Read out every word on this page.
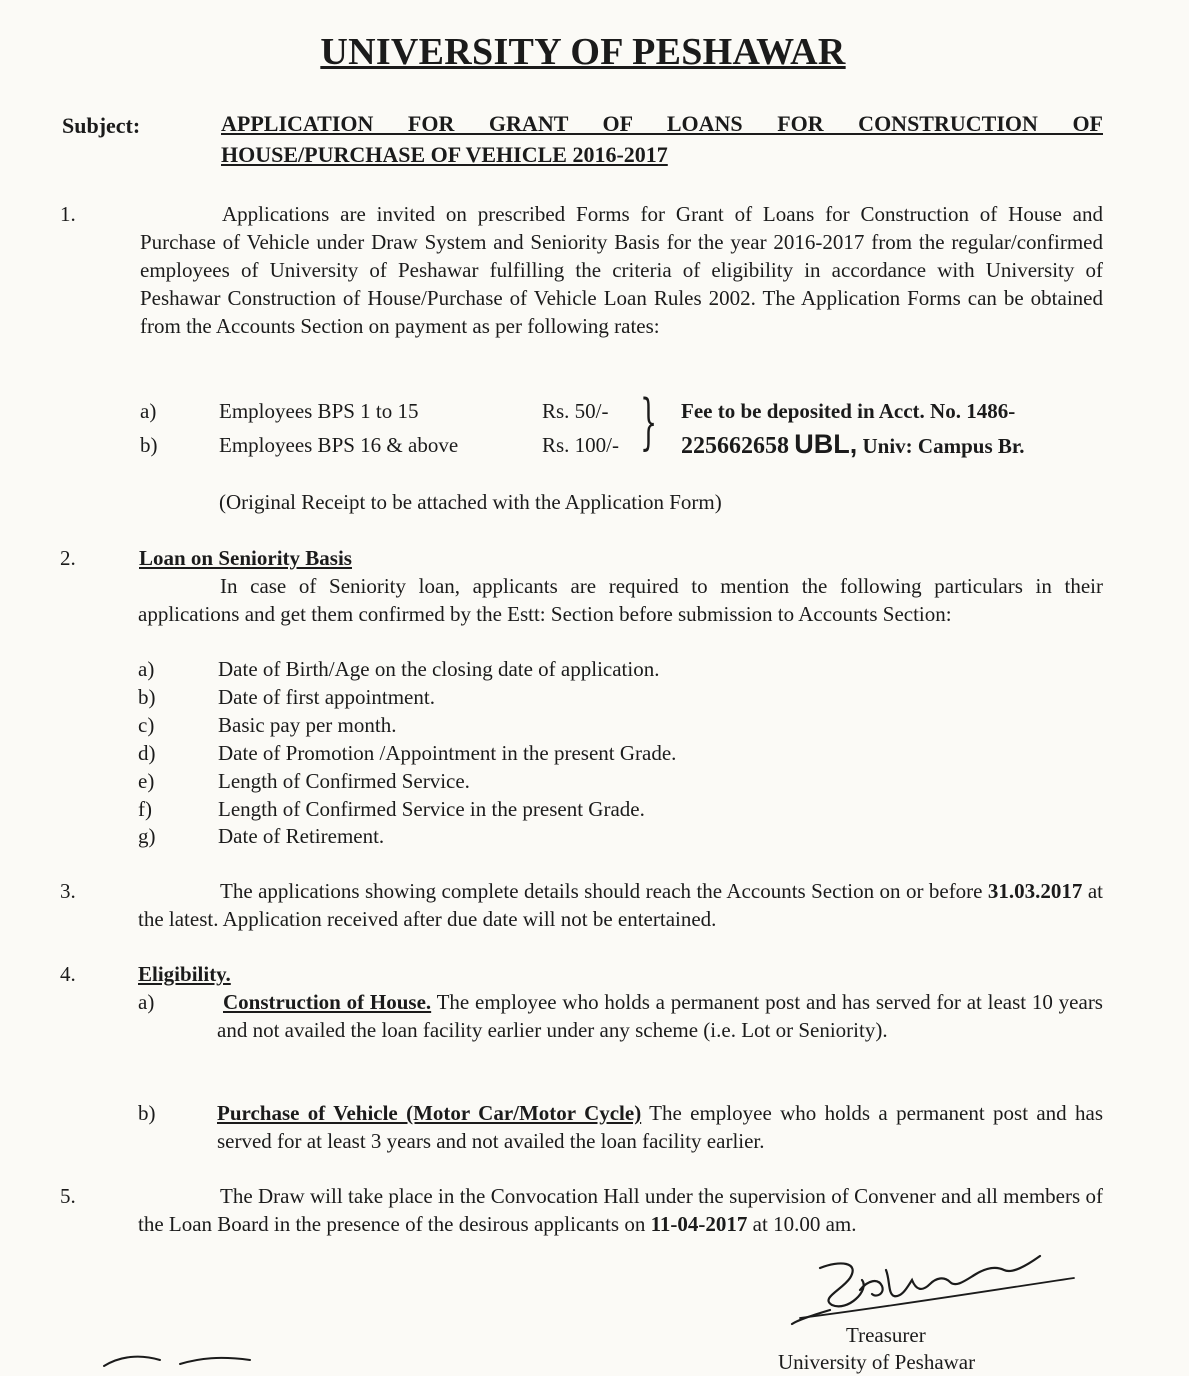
UNIVERSITY OF PESHAWAR
Subject:	APPLICATION FOR GRANT OF LOANS FOR CONSTRUCTION OF HOUSE/PURCHASE OF VEHICLE 2016-2017
1.	Applications are invited on prescribed Forms for Grant of Loans for Construction of House and Purchase of Vehicle under Draw System and Seniority Basis for the year 2016-2017 from the regular/confirmed employees of University of Peshawar fulfilling the criteria of eligibility in accordance with University of Peshawar Construction of House/Purchase of Vehicle Loan Rules 2002. The Application Forms can be obtained from the Accounts Section on payment as per following rates:
a)	Employees BPS 1 to 15	Rs. 50/-
b)	Employees BPS 16 & above	Rs. 100/- } Fee to be deposited in Acct. No. 1486-
225662658 UBL, Univ: Campus Br.
(Original Receipt to be attached with the Application Form)
2.	Loan on Seniority Basis
In case of Seniority loan, applicants are required to mention the following particulars in their applications and get them confirmed by the Estt: Section before submission to Accounts Section:
a)	Date of Birth/Age on the closing date of application.
b)	Date of first appointment.
c)	Basic pay per month.
d)	Date of Promotion /Appointment in the present Grade.
e)	Length of Confirmed Service.
f)	Length of Confirmed Service in the present Grade.
g)	Date of Retirement.
3.	The applications showing complete details should reach the Accounts Section on or before 31.03.2017 at the latest. Application received after due date will not be entertained.
4.	Eligibility.
a)	Construction of House. The employee who holds a permanent post and has served for at least 10 years and not availed the loan facility earlier under any scheme (i.e. Lot or Seniority).
b)	Purchase of Vehicle (Motor Car/Motor Cycle) The employee who holds a permanent post and has served for at least 3 years and not availed the loan facility earlier.
5.	The Draw will take place in the Convocation Hall under the supervision of Convener and all members of the Loan Board in the presence of the desirous applicants on 11-04-2017 at 10.00 am.
Treasurer
University of Peshawar
